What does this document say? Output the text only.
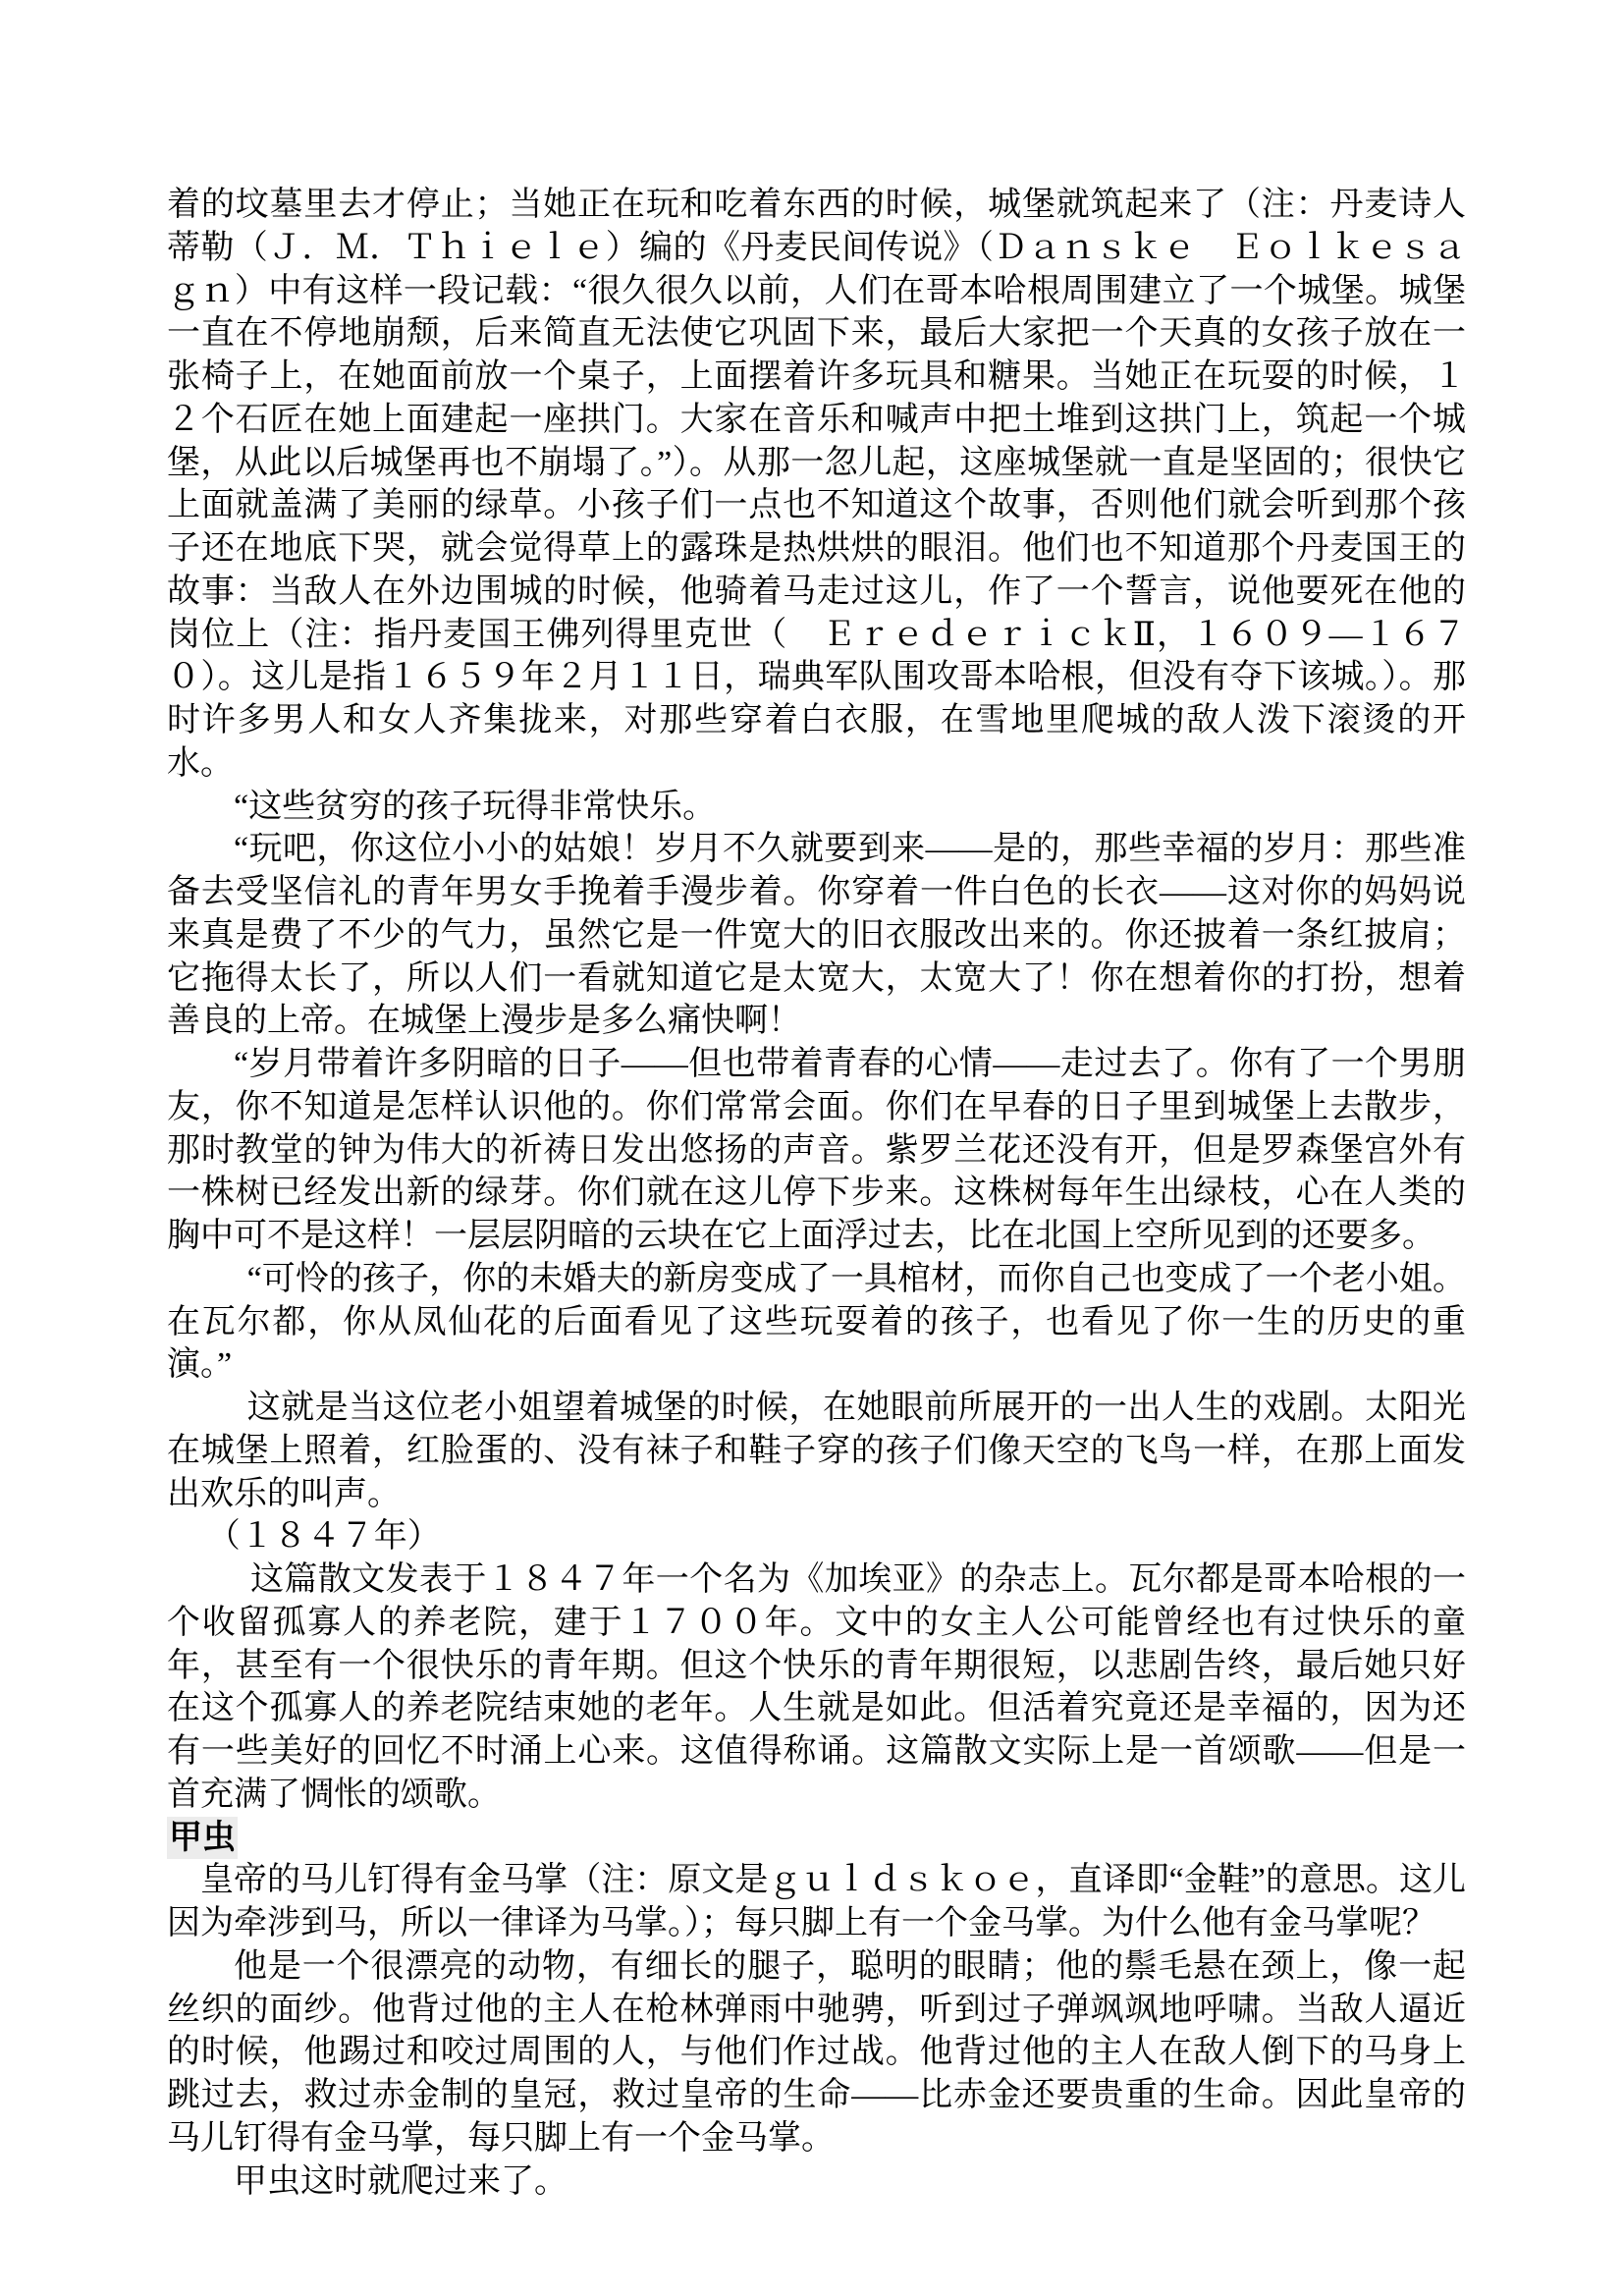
着的坟墓里去才停止；当她正在玩和吃着东西的时候，城堡就筑起来了（注：丹麦诗人蒂勒（Ｊ．Ｍ．Ｔｈｉｅｌｅ）编的《丹麦民间传说》（Ｄａｎｓｋｅ　Ｅｏｌｋｅｓａｇｎ）中有这样一段记载：“很久很久以前，人们在哥本哈根周围建立了一个城堡。城堡一直在不停地崩颓，后来简直无法使它巩固下来，最后大家把一个天真的女孩子放在一张椅子上，在她面前放一个桌子，上面摆着许多玩具和糖果。当她正在玩耍的时候，１２个石匠在她上面建起一座拱门。大家在音乐和喊声中把土堆到这拱门上，筑起一个城堡，从此以后城堡再也不崩塌了。”）。从那一忽儿起，这座城堡就一直是坚固的；很快它上面就盖满了美丽的绿草。小孩子们一点也不知道这个故事，否则他们就会听到那个孩子还在地底下哭，就会觉得草上的露珠是热烘烘的眼泪。他们也不知道那个丹麦国王的故事：当敌人在外边围城的时候，他骑着马走过这儿，作了一个誓言，说他要死在他的岗位上（注：指丹麦国王佛列得里克世（　ＥｒｅｄｅｒｉｃｋⅡ，１６０９—１６７０）。这儿是指１６５９年２月１１日，瑞典军队围攻哥本哈根，但没有夺下该城。）。那时许多男人和女人齐集拢来，对那些穿着白衣服，在雪地里爬城的敌人泼下滚烫的开水。

“这些贫穷的孩子玩得非常快乐。

“玩吧，你这位小小的姑娘！岁月不久就要到来——是的，那些幸福的岁月：那些准备去受坚信礼的青年男女手挽着手漫步着。你穿着一件白色的长衣——这对你的妈妈说来真是费了不少的气力，虽然它是一件宽大的旧衣服改出来的。你还披着一条红披肩；它拖得太长了，所以人们一看就知道它是太宽大，太宽大了！你在想着你的打扮，想着善良的上帝。在城堡上漫步是多么痛快啊！

“岁月带着许多阴暗的日子——但也带着青春的心情——走过去了。你有了一个男朋友，你不知道是怎样认识他的。你们常常会面。你们在早春的日子里到城堡上去散步，那时教堂的钟为伟大的祈祷日发出悠扬的声音。紫罗兰花还没有开，但是罗森堡宫外有一株树已经发出新的绿芽。你们就在这儿停下步来。这株树每年生出绿枝，心在人类的胸中可不是这样！一层层阴暗的云块在它上面浮过去，比在北国上空所见到的还要多。

“可怜的孩子，你的未婚夫的新房变成了一具棺材，而你自己也变成了一个老小姐。在瓦尔都，你从凤仙花的后面看见了这些玩耍着的孩子，也看见了你一生的历史的重演。”

这就是当这位老小姐望着城堡的时候，在她眼前所展开的一出人生的戏剧。太阳光在城堡上照着，红脸蛋的、没有袜子和鞋子穿的孩子们像天空的飞鸟一样，在那上面发出欢乐的叫声。

（１８４７年）

这篇散文发表于１８４７年一个名为《加埃亚》的杂志上。瓦尔都是哥本哈根的一个收留孤寡人的养老院，建于１７００年。文中的女主人公可能曾经也有过快乐的童年，甚至有一个很快乐的青年期。但这个快乐的青年期很短，以悲剧告终，最后她只好在这个孤寡人的养老院结束她的老年。人生就是如此。但活着究竟还是幸福的，因为还有一些美好的回忆不时涌上心来。这值得称诵。这篇散文实际上是一首颂歌——但是一首充满了惆怅的颂歌。

甲虫

皇帝的马儿钉得有金马掌（注：原文是ｇｕｌｄｓｋｏｅ，直译即“金鞋”的意思。这儿因为牵涉到马，所以一律译为马掌。）；每只脚上有一个金马掌。为什么他有金马掌呢？

他是一个很漂亮的动物，有细长的腿子，聪明的眼睛；他的鬃毛悬在颈上，像一起丝织的面纱。他背过他的主人在枪林弹雨中驰骋，听到过子弹飒飒地呼啸。当敌人逼近的时候，他踢过和咬过周围的人，与他们作过战。他背过他的主人在敌人倒下的马身上跳过去，救过赤金制的皇冠，救过皇帝的生命——比赤金还要贵重的生命。因此皇帝的马儿钉得有金马掌，每只脚上有一个金马掌。

甲虫这时就爬过来了。
